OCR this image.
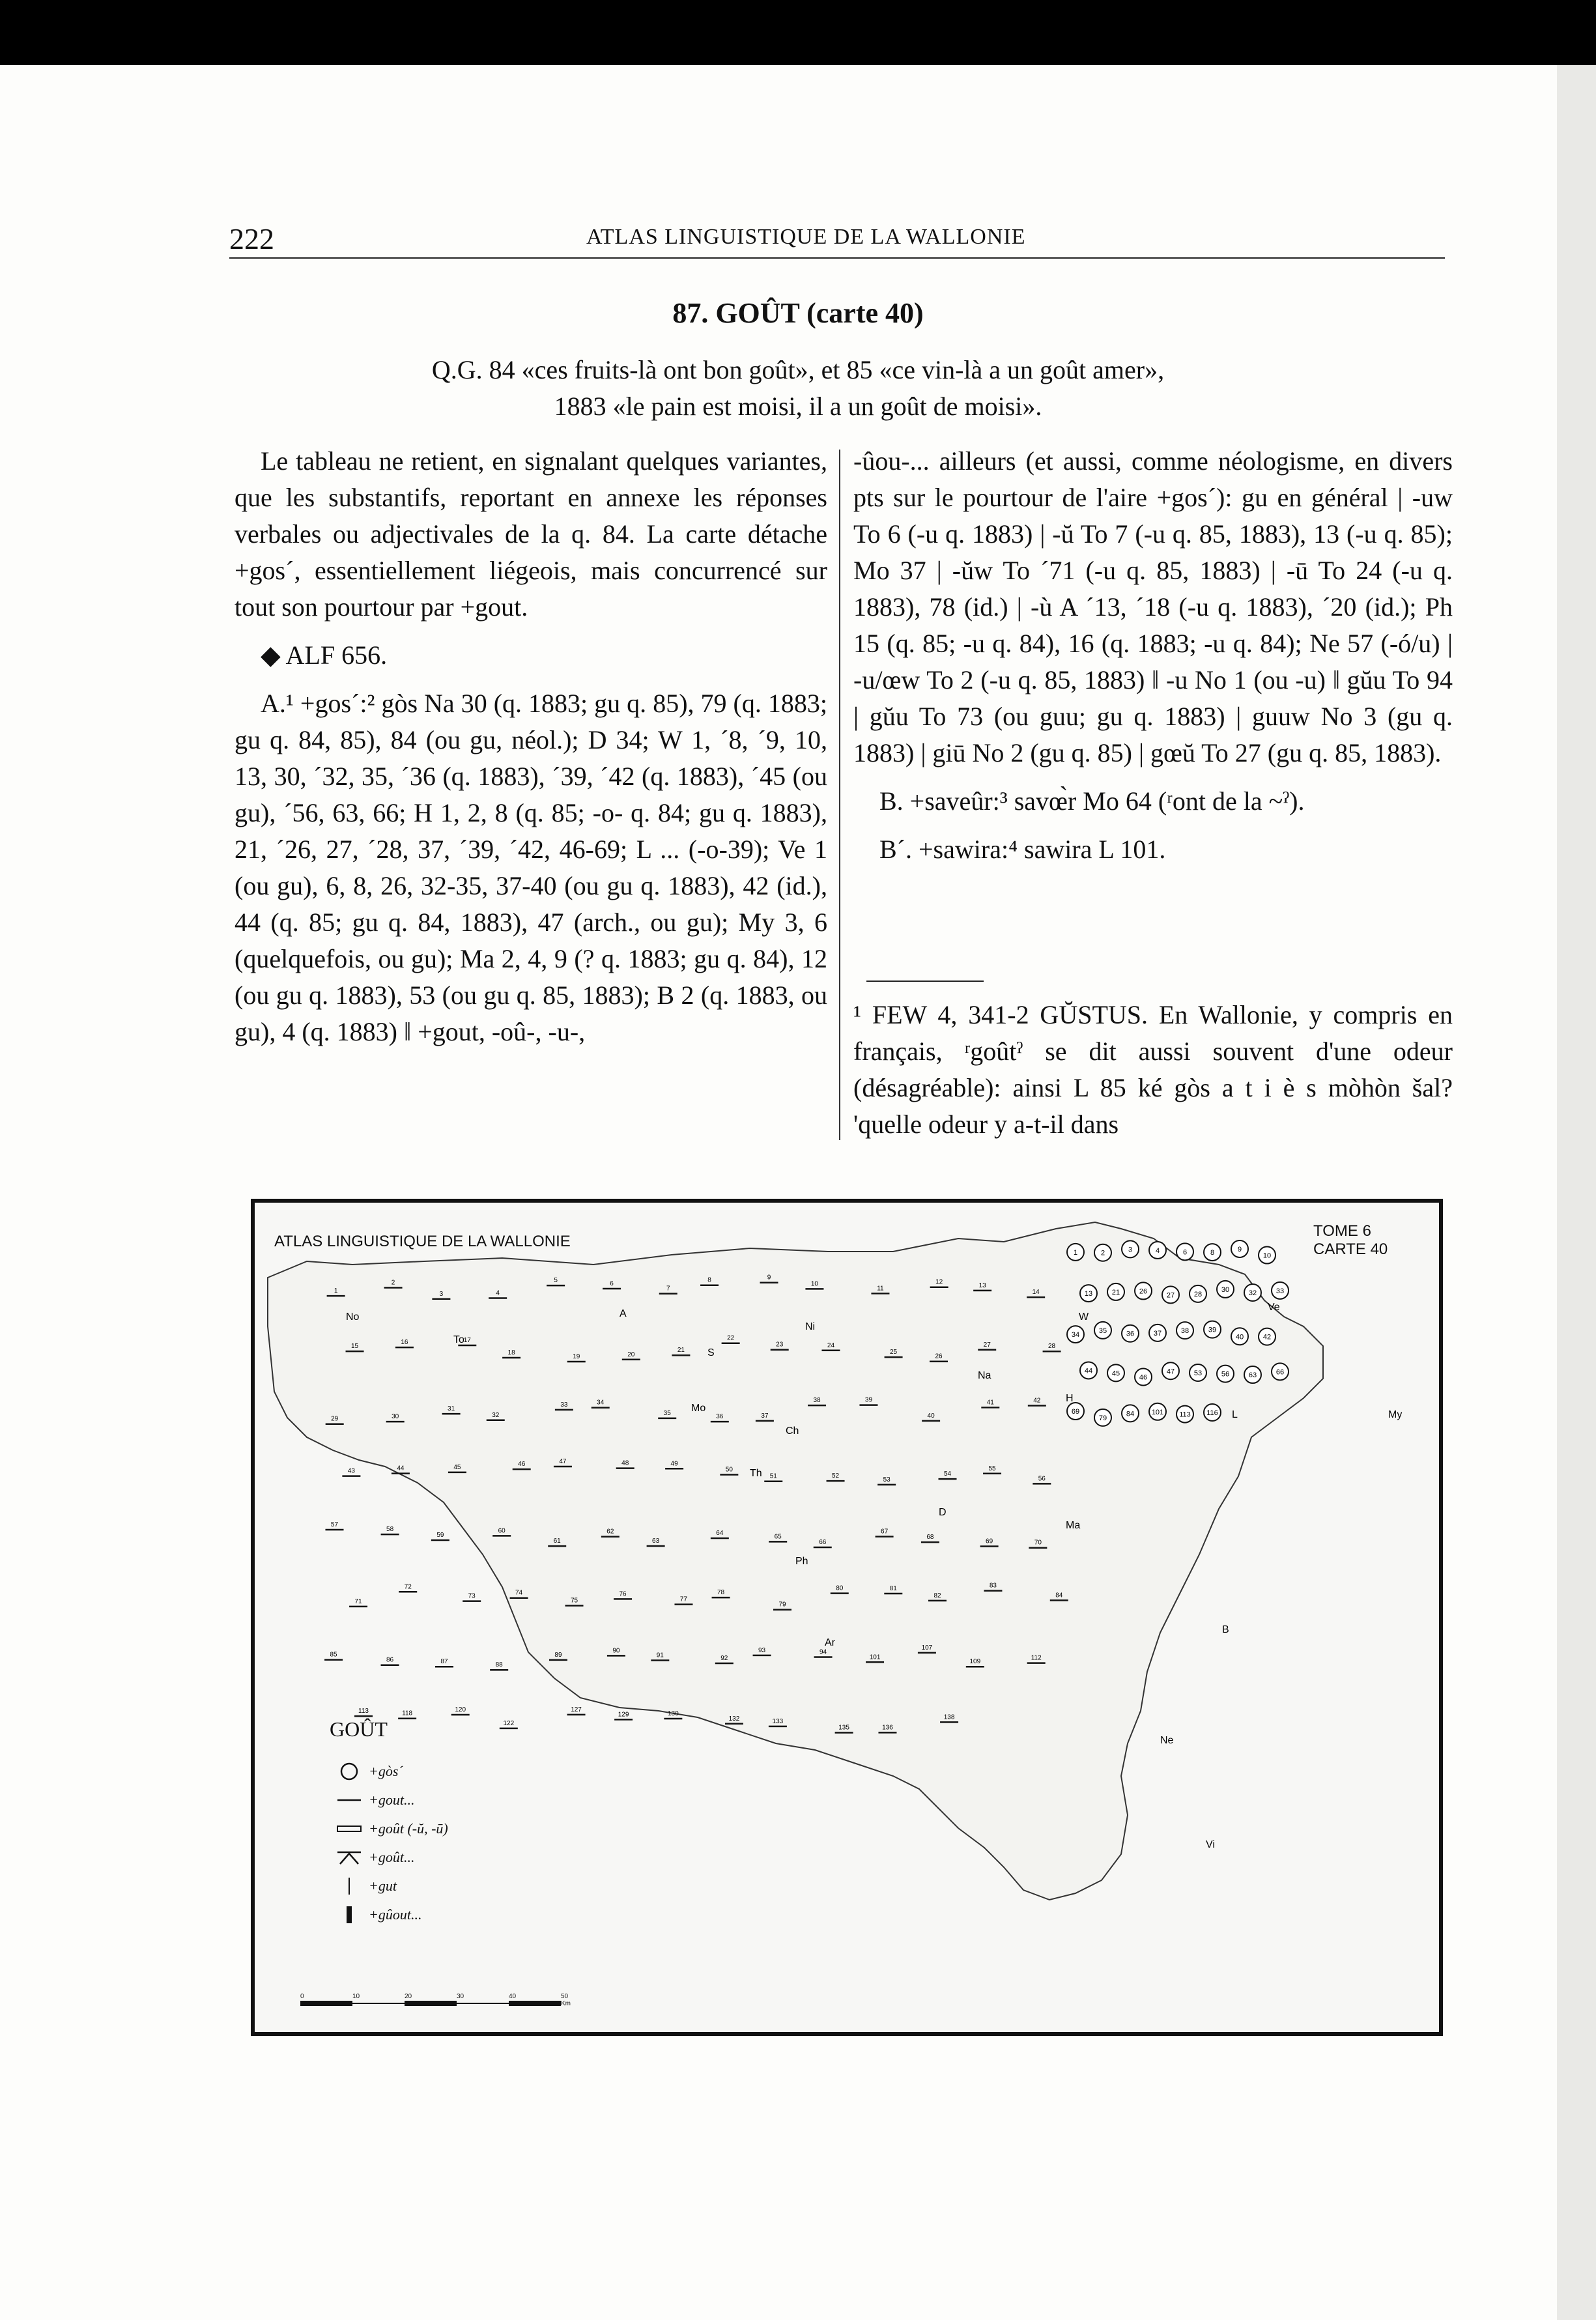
222	ATLAS LINGUISTIQUE DE LA WALLONIE
87. GOÛT (carte 40)
Q.G. 84 «ces fruits-là ont bon goût», et 85 «ce vin-là a un goût amer»,
1883 «le pain est moisi, il a un goût de moisi».

Le tableau ne retient, en signalant quelques variantes, que les substantifs, reportant en annexe les réponses verbales ou adjectivales de la q. 84. La carte détache +gos´, essentiellement liégeois, mais concurrencé sur tout son pourtour par +gout.

◆ ALF 656.

A.¹ +gos´:² gòs Na 30 (q. 1883; gu q. 85), 79 (q. 1883; gu q. 84, 85), 84 (ou gu, néol.); D 34; W 1, ´8, ´9, 10, 13, 30, ´32, 35, ´36 (q. 1883), ´39, ´42 (q. 1883), ´45 (ou gu), ´56, 63, 66; H 1, 2, 8 (q. 85; -o- q. 84; gu q. 1883), 21, ´26, 27, ´28, 37, ´39, ´42, 46-69; L ... (-o-39); Ve 1 (ou gu), 6, 8, 26, 32-35, 37-40 (ou gu q. 1883), 42 (id.), 44 (q. 85; gu q. 84, 1883), 47 (arch., ou gu); My 3, 6 (quelquefois, ou gu); Ma 2, 4, 9 (? q. 1883; gu q. 84), 12 (ou gu q. 1883), 53 (ou gu q. 85, 1883); B 2 (q. 1883, ou gu), 4 (q. 1883) ‖ +gout, -oû-, -u-,

-ûou-... ailleurs (et aussi, comme néologisme, en divers pts sur le pourtour de l'aire +gos´): gu en général | -uw To 6 (-u q. 1883) | -ŭ To 7 (-u q. 85, 1883), 13 (-u q. 85); Mo 37 | -ŭw To ´71 (-u q. 85, 1883) | -ū To 24 (-u q. 1883), 78 (id.) | -ù A ´13, ´18 (-u q. 1883), ´20 (id.); Ph 15 (q. 85; -u q. 84), 16 (q. 1883; -u q. 84); Ne 57 (-ó/u) | -u/œw To 2 (-u q. 85, 1883) ‖ -u No 1 (ou -u) ‖ gŭu To 94 | gŭu To 73 (ou guu; gu q. 1883) | guuw No 3 (gu q. 1883) | giū No 2 (gu q. 85) | gœŭ To 27 (gu q. 85, 1883).

B. +saveûr:³ savœ̀r Mo 64 (ʳont de la ~ˀ).

B´. +sawira:⁴ sawira L 101.

¹ FEW 4, 341-2 GŬSTUS. En Wallonie, y compris en français, ʳgoûtˀ se dit aussi souvent d'une odeur (désagréable): ainsi L 85 ké gòs a t i è s mòhòn šal? 'quelle odeur y a-t-il dans
1	2	3	4	6	8	9
10
13	21	26	27	28
30	32	33
34
35	36	37	38	39
40	42
44	45
46
47	53	56	63	66
69
79
84 101 113 116
1
2
3	4
5	6
7
8	9
10
11
12	13
14
15
16	17
18
19	20
21
22
23	24
25
26
27	28
29	30
31
32
33	34
35	36	37
38	39
40
41	42
43	44	45	46	47	48	49
50
51	52
53
54
55
56
57
58
59
60
61
62
63
64	65
66
67
68
69	70
71
72
73	74
75
76
77
78
79
80	81
82
83
84
85
86	87	88
89
90
91	92
93	94
101
107
109
112
113	118
120
122
127
129	130
132	133
135	136
138
No
To
A
S
Ni
Na
W
Ve
H
L	My
Mo
Ch
Th
D
Ma
Ph
Ar
B
Ne
Vi
ATLAS LINGUISTIQUE DE LA WALLONIE
TOME 6
CARTE 40
GOÛT
+gòs´
+gout...
+goût (-ŭ, -ū)
+goût...
+gut
+gûout...
0	10	20	30	40	50 Km
